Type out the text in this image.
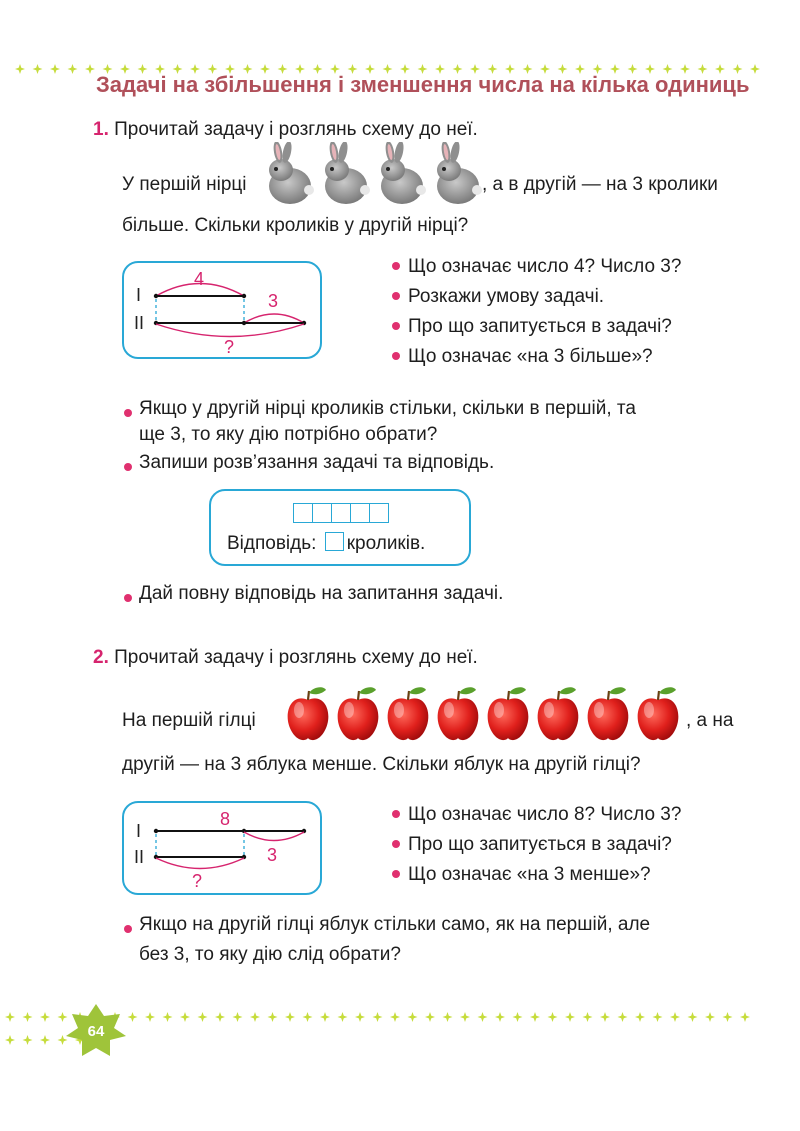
Задачі на збільшення і зменшення числа на кілька одиниць
1. Прочитай задачу і розглянь схему до неї.
У першій нірці	, а в другій — на 3 кролики
більше. Скільки кроликів у другій нірці?
I
II
4
3
?
Що означає число 4? Число 3?
Розкажи умову задачі.
Про що запитується в задачі?
Що означає «на 3 більше»?
Якщо у другій нірці кроликів стільки, скільки в першій, та
ще 3, то яку дію потрібно обрати?
Запиши розв’язання задачі та відповідь.
Відповідь: кроликів.
Дай повну відповідь на запитання задачі.
2. Прочитай задачу і розглянь схему до неї.
На першій гілці	, а на
другій — на 3 яблука менше. Скільки яблук на другій гілці?
I
II
8
3
?
Що означає число 8? Число 3?
Про що запитується в задачі?
Що означає «на 3 менше»?
Якщо на другій гілці яблук стільки само, як на першій, але
без 3, то яку дію слід обрати?
64
